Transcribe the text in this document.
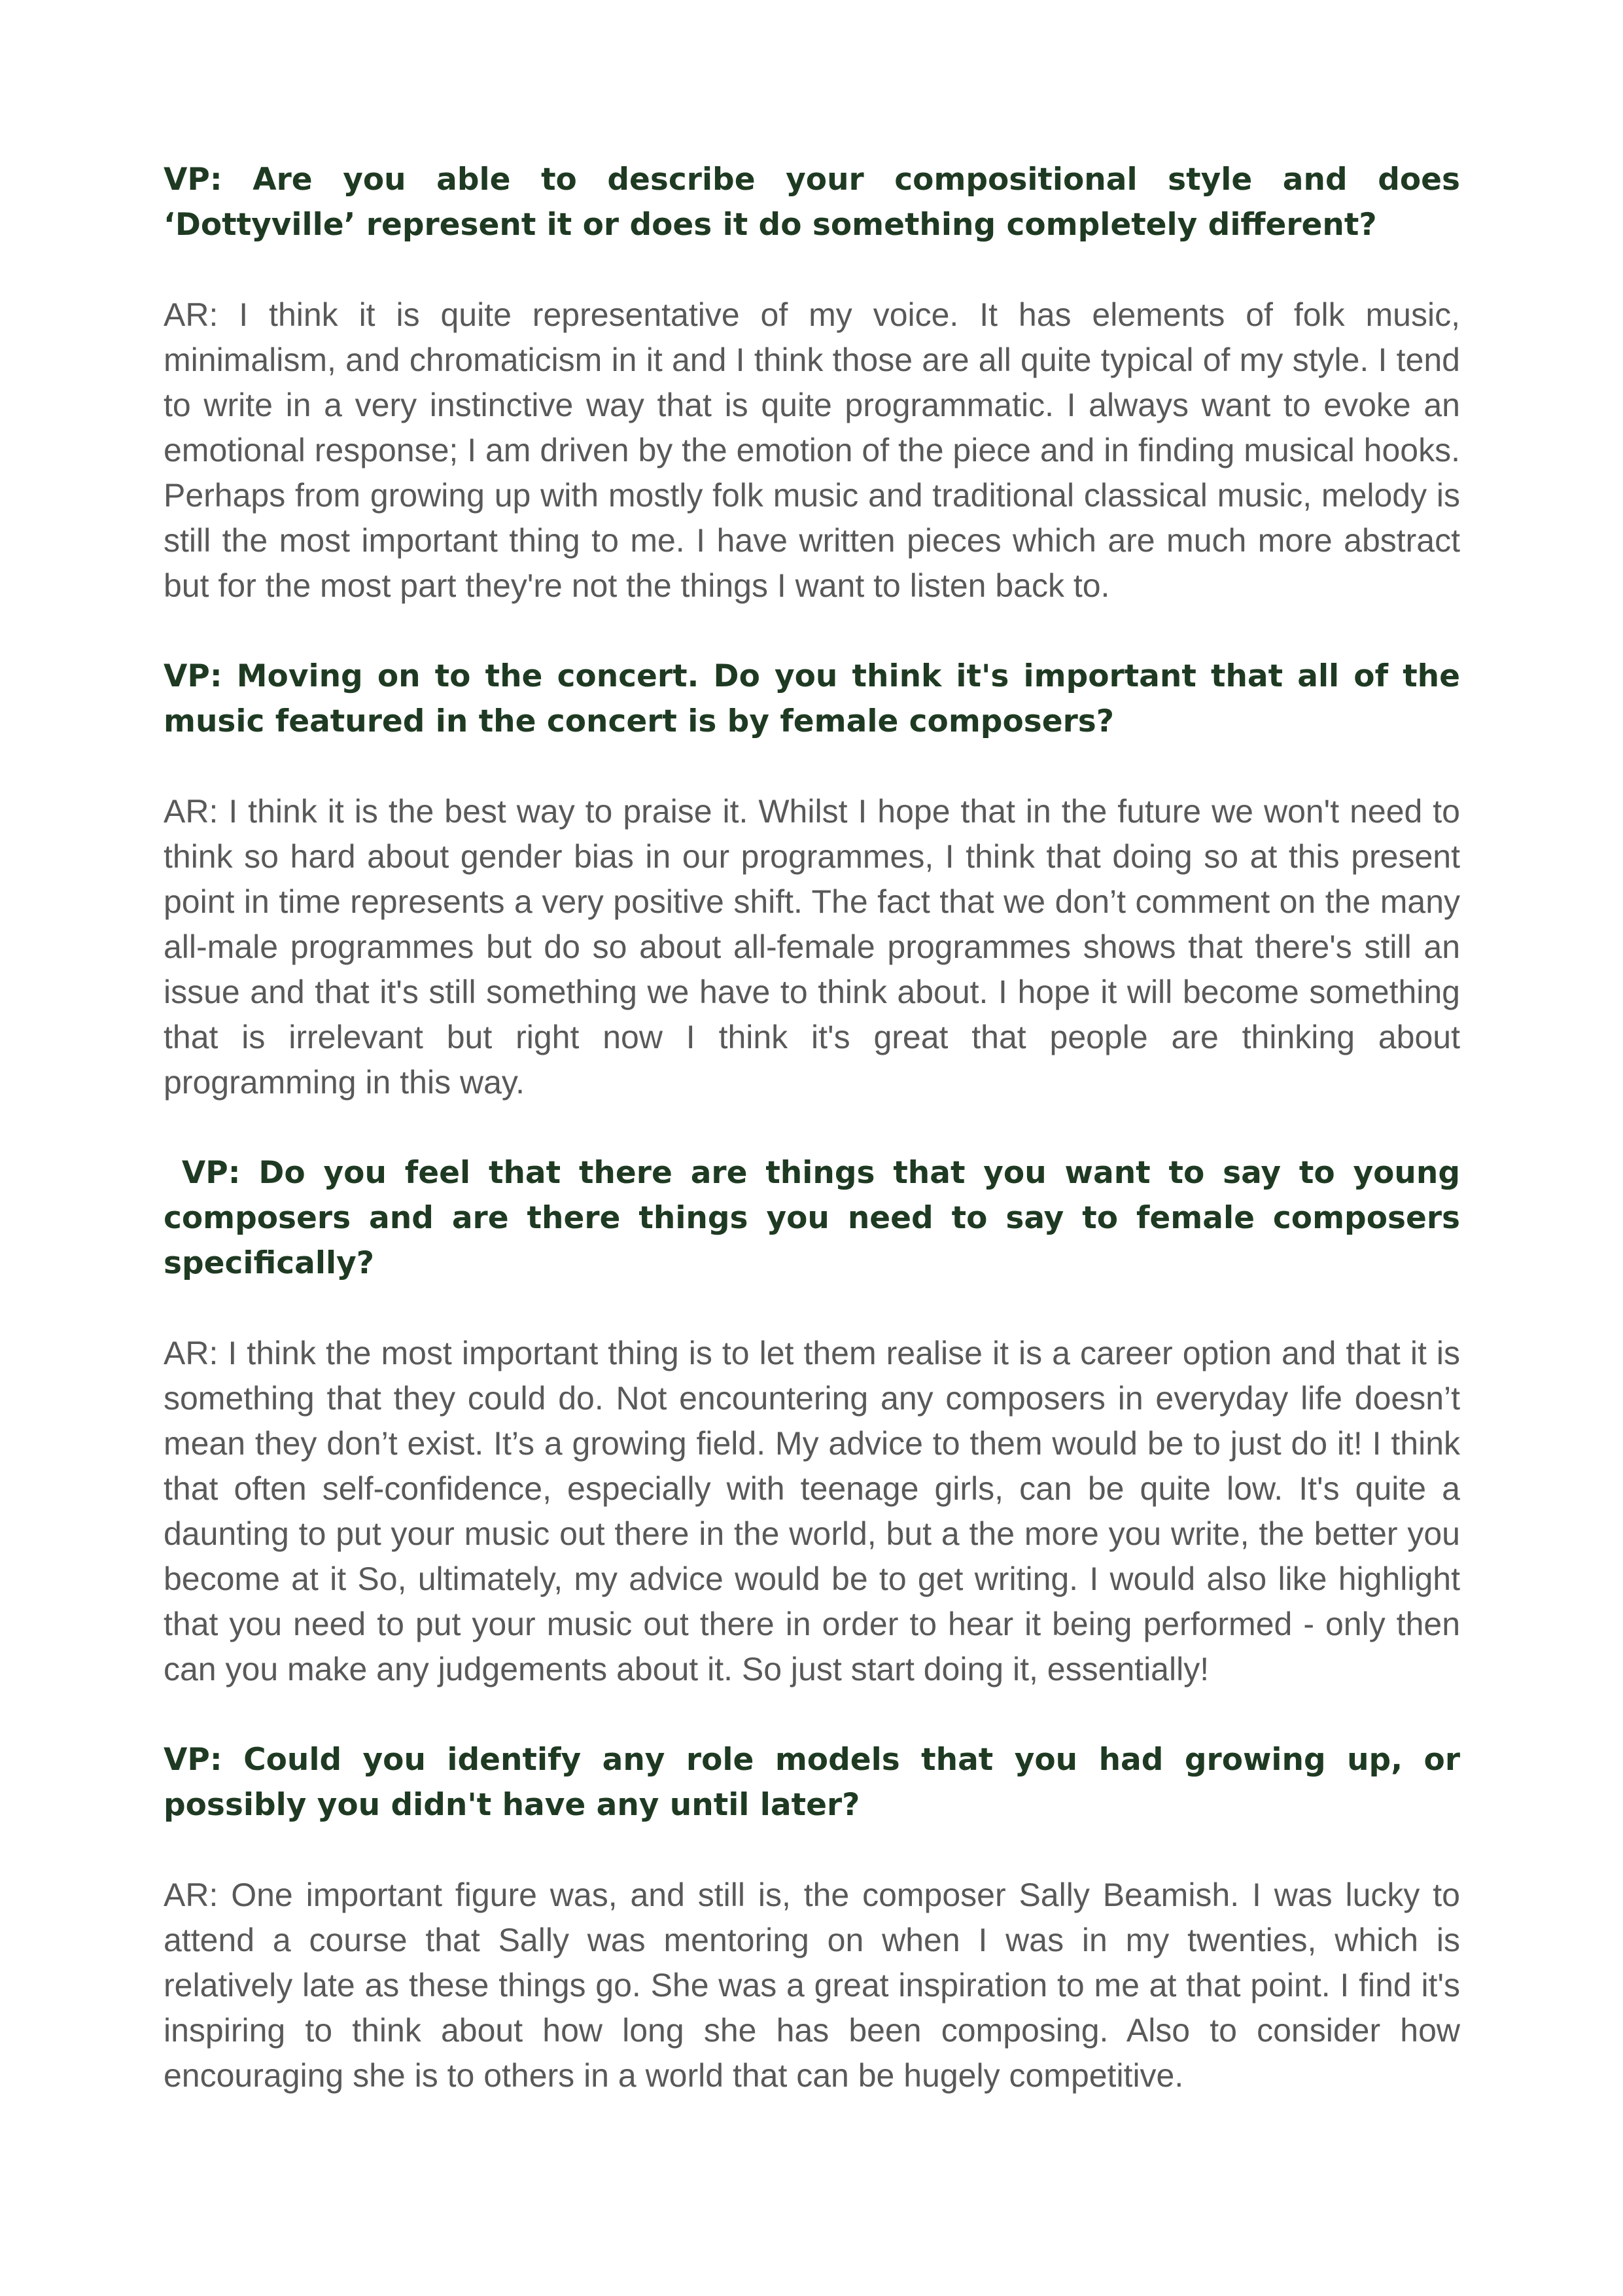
VP: Are you able to describe your compositional style and does ‘Dottyville’ represent it or does it do something completely different?

AR: I think it is quite representative of my voice. It has elements of folk music, minimalism, and chromaticism in it and I think those are all quite typical of my style. I tend to write in a very instinctive way that is quite programmatic. I always want to evoke an emotional response; I am driven by the emotion of the piece and in finding musical hooks. Perhaps from growing up with mostly folk music and traditional classical music, melody is still the most important thing to me. I have written pieces which are much more abstract but for the most part they're not the things I want to listen back to.

VP: Moving on to the concert. Do you think it's important that all of the music featured in the concert is by female composers?

AR: I think it is the best way to praise it. Whilst I hope that in the future we won't need to think so hard about gender bias in our programmes, I think that doing so at this present point in time represents a very positive shift. The fact that we don’t comment on the many all-male programmes but do so about all-female programmes shows that there's still an issue and that it's still something we have to think about. I hope it will become something that is irrelevant but right now I think it's great that people are thinking about programming in this way.

VP: Do you feel that there are things that you want to say to young composers and are there things you need to say to female composers specifically?

AR: I think the most important thing is to let them realise it is a career option and that it is something that they could do. Not encountering any composers in everyday life doesn’t mean they don’t exist. It’s a growing field. My advice to them would be to just do it! I think that often self-confidence, especially with teenage girls, can be quite low. It's quite a daunting to put your music out there in the world, but a the more you write, the better you become at it So, ultimately, my advice would be to get writing. I would also like highlight that you need to put your music out there in order to hear it being performed - only then can you make any judgements about it. So just start doing it, essentially!

VP: Could you identify any role models that you had growing up, or possibly you didn't have any until later?

AR: One important figure was, and still is, the composer Sally Beamish. I was lucky to attend a course that Sally was mentoring on when I was in my twenties, which is relatively late as these things go. She was a great inspiration to me at that point. I find it's inspiring to think about how long she has been composing. Also to consider how encouraging she is to others in a world that can be hugely competitive.
